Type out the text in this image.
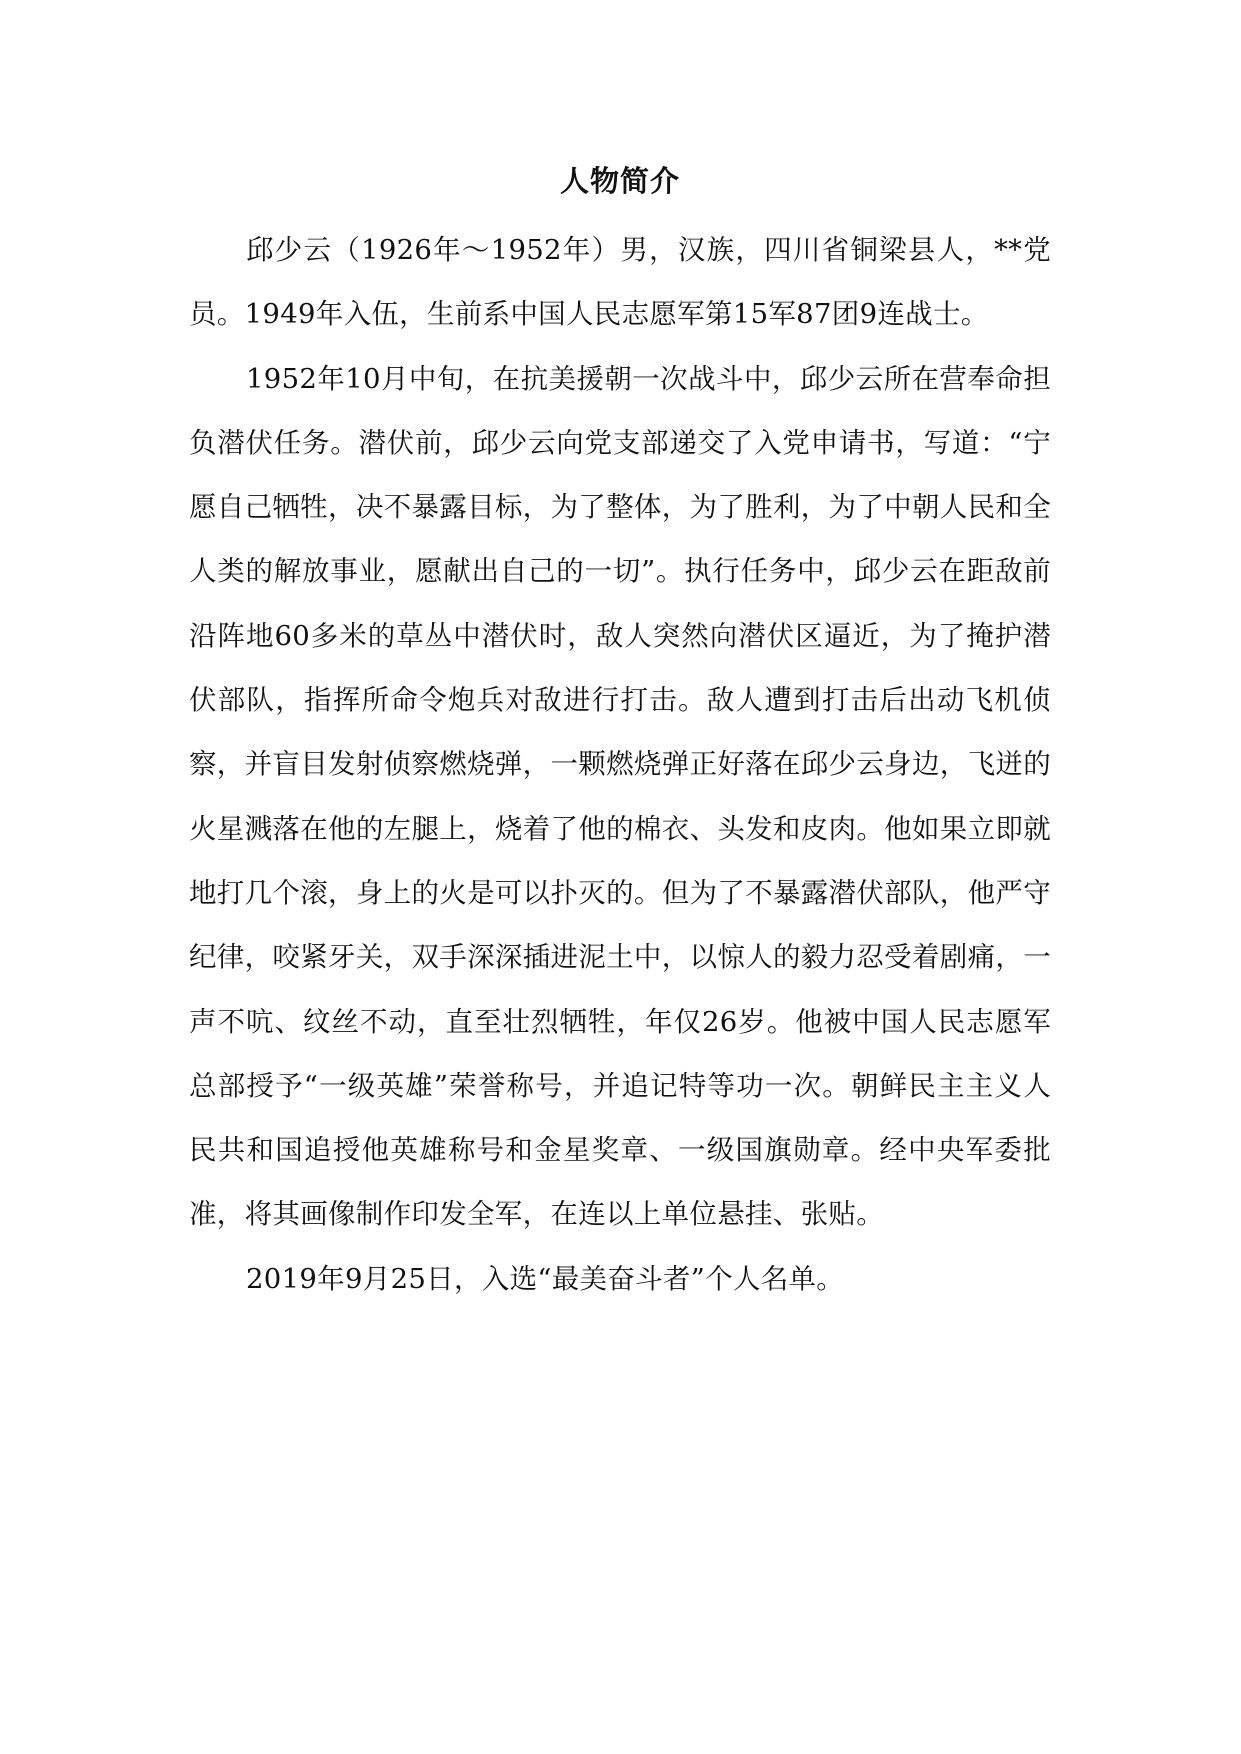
人物简介

邱少云（1926年～1952年）男，汉族，四川省铜梁县人，**党员。1949年入伍，生前系中国人民志愿军第15军87团9连战士。

1952年10月中旬，在抗美援朝一次战斗中，邱少云所在营奉命担负潜伏任务。潜伏前，邱少云向党支部递交了入党申请书，写道：“宁愿自己牺牲，决不暴露目标，为了整体，为了胜利，为了中朝人民和全人类的解放事业，愿献出自己的一切”。执行任务中，邱少云在距敌前沿阵地60多米的草丛中潜伏时，敌人突然向潜伏区逼近，为了掩护潜伏部队，指挥所命令炮兵对敌进行打击。敌人遭到打击后出动飞机侦察，并盲目发射侦察燃烧弹，一颗燃烧弹正好落在邱少云身边，飞迸的火星溅落在他的左腿上，烧着了他的棉衣、头发和皮肉。他如果立即就地打几个滚，身上的火是可以扑灭的。但为了不暴露潜伏部队，他严守纪律，咬紧牙关，双手深深插进泥土中，以惊人的毅力忍受着剧痛，一声不吭、纹丝不动，直至壮烈牺牲，年仅26岁。他被中国人民志愿军总部授予“一级英雄”荣誉称号，并追记特等功一次。朝鲜民主主义人民共和国追授他英雄称号和金星奖章、一级国旗勋章。经中央军委批准，将其画像制作印发全军，在连以上单位悬挂、张贴。

2019年9月25日，入选“最美奋斗者”个人名单。
